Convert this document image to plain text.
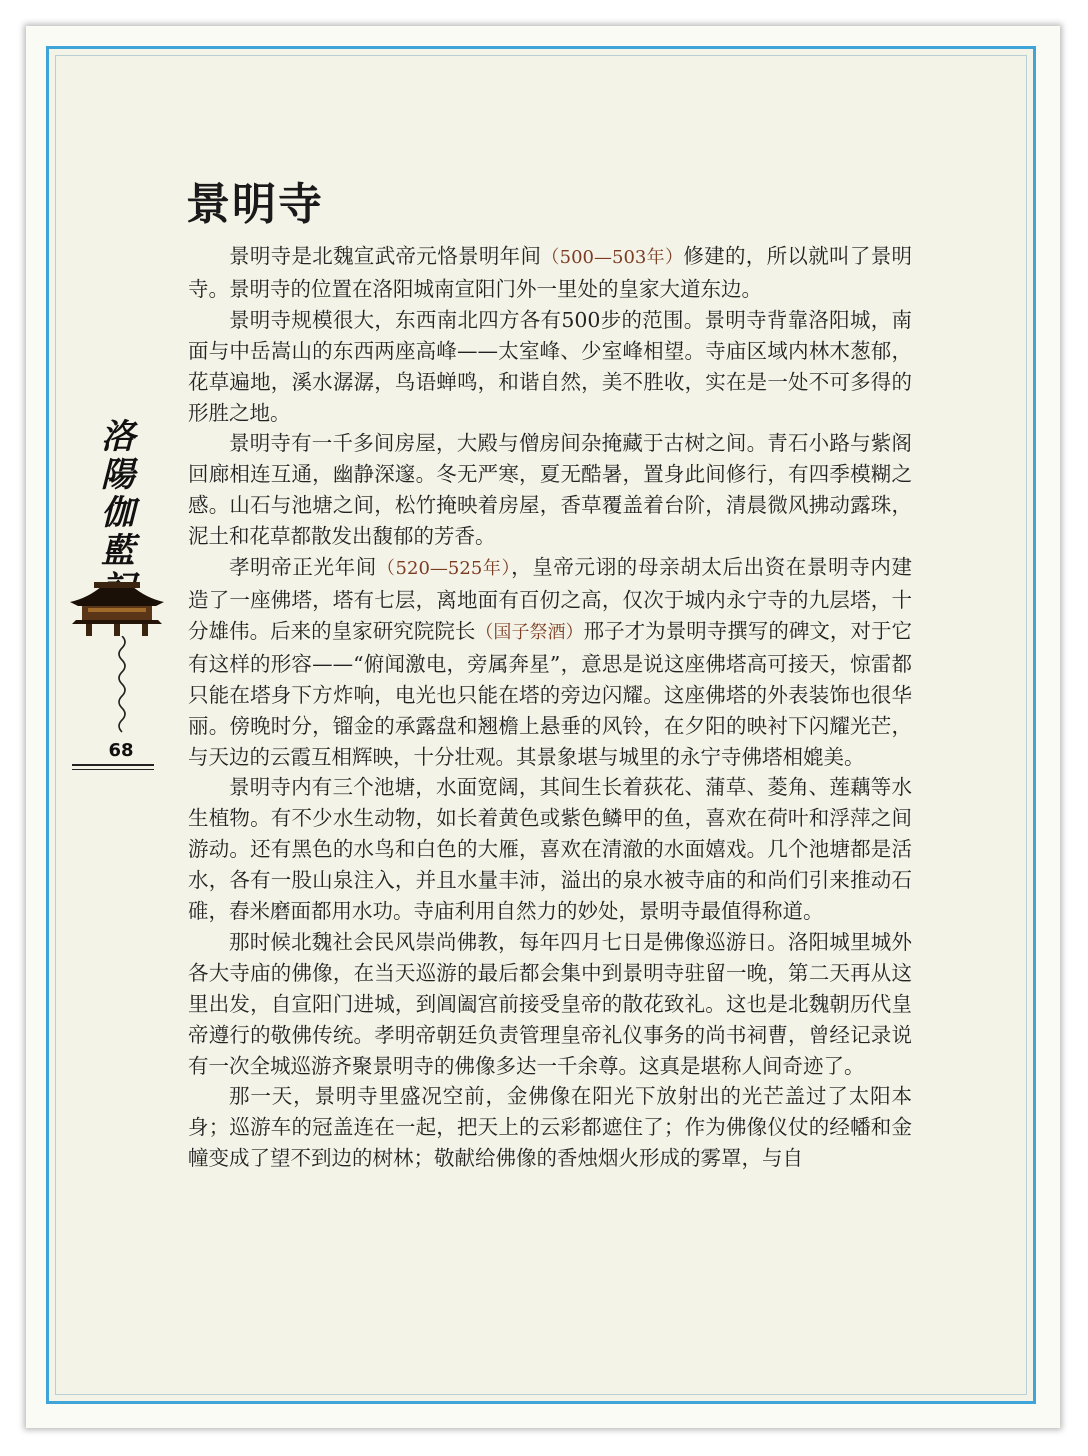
景明寺
洛
陽
伽
藍
68

景明寺是北魏宣武帝元恪景明年间（500—503年）修建的，所以就叫了景明寺。景明寺的位置在洛阳城南宣阳门外一里处的皇家大道东边。

景明寺规模很大，东西南北四方各有500步的范围。景明寺背靠洛阳城，南面与中岳嵩山的东西两座高峰——太室峰、少室峰相望。寺庙区域内林木葱郁，花草遍地，溪水潺潺，鸟语蝉鸣，和谐自然，美不胜收，实在是一处不可多得的形胜之地。

景明寺有一千多间房屋，大殿与僧房间杂掩藏于古树之间。青石小路与紫阁回廊相连互通，幽静深邃。冬无严寒，夏无酷暑，置身此间修行，有四季模糊之感。山石与池塘之间，松竹掩映着房屋，香草覆盖着台阶，清晨微风拂动露珠，泥土和花草都散发出馥郁的芳香。

孝明帝正光年间（520—525年），皇帝元诩的母亲胡太后出资在景明寺内建造了一座佛塔，塔有七层，离地面有百仞之高，仅次于城内永宁寺的九层塔，十分雄伟。后来的皇家研究院院长（国子祭酒）邢子才为景明寺撰写的碑文，对于它有这样的形容——“俯闻激电，旁属奔星”，意思是说这座佛塔高可接天，惊雷都只能在塔身下方炸响，电光也只能在塔的旁边闪耀。这座佛塔的外表装饰也很华丽。傍晚时分，镏金的承露盘和翘檐上悬垂的风铃，在夕阳的映衬下闪耀光芒，与天边的云霞互相辉映，十分壮观。其景象堪与城里的永宁寺佛塔相媲美。

景明寺内有三个池塘，水面宽阔，其间生长着荻花、蒲草、菱角、莲藕等水生植物。有不少水生动物，如长着黄色或紫色鳞甲的鱼，喜欢在荷叶和浮萍之间游动。还有黑色的水鸟和白色的大雁，喜欢在清澈的水面嬉戏。几个池塘都是活水，各有一股山泉注入，并且水量丰沛，溢出的泉水被寺庙的和尚们引来推动石碓，舂米磨面都用水功。寺庙利用自然力的妙处，景明寺最值得称道。

那时候北魏社会民风崇尚佛教，每年四月七日是佛像巡游日。洛阳城里城外各大寺庙的佛像，在当天巡游的最后都会集中到景明寺驻留一晚，第二天再从这里出发，自宣阳门进城，到阊阖宫前接受皇帝的散花致礼。这也是北魏朝历代皇帝遵行的敬佛传统。孝明帝朝廷负责管理皇帝礼仪事务的尚书祠曹，曾经记录说有一次全城巡游齐聚景明寺的佛像多达一千余尊。这真是堪称人间奇迹了。

那一天，景明寺里盛况空前，金佛像在阳光下放射出的光芒盖过了太阳本身；巡游车的冠盖连在一起，把天上的云彩都遮住了；作为佛像仪仗的经幡和金幢变成了望不到边的树林；敬献给佛像的香烛烟火形成的雾罩，与自
